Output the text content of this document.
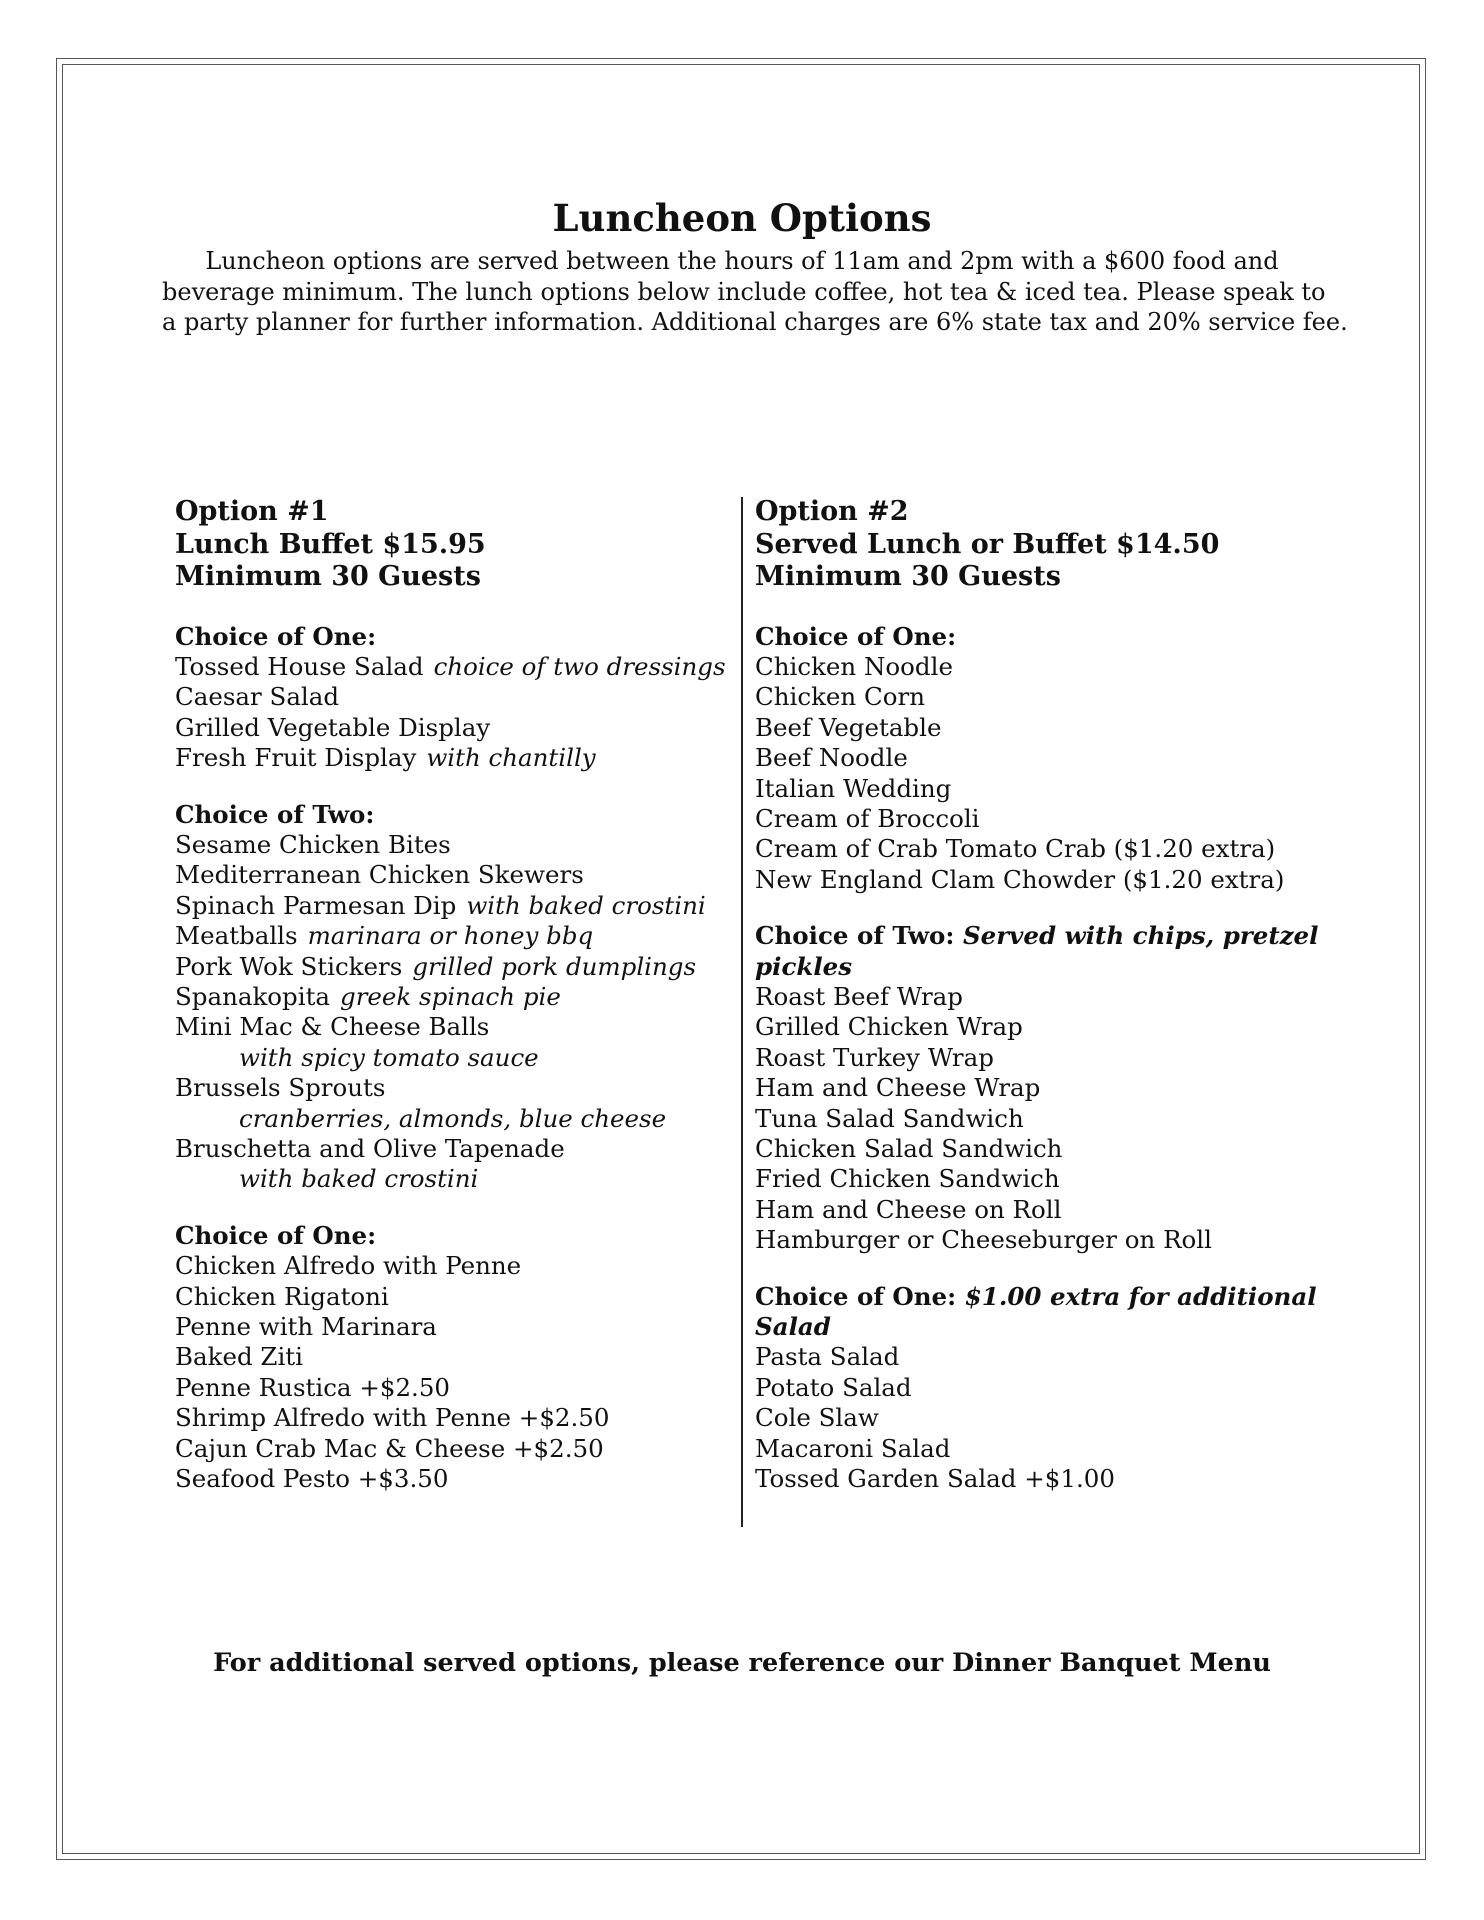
Luncheon Options
Luncheon options are served between the hours of 11am and 2pm with a $600 food and
beverage minimum. The lunch options below include coffee, hot tea & iced tea. Please speak to
a party planner for further information. Additional charges are 6% state tax and 20% service fee.
Option #1
Lunch Buffet $15.95
Minimum 30 Guests
Choice of One:
Tossed House Salad choice of two dressings
Caesar Salad
Grilled Vegetable Display
Fresh Fruit Display with chantilly
Choice of Two:
Sesame Chicken Bites
Mediterranean Chicken Skewers
Spinach Parmesan Dip with baked crostini
Meatballs marinara or honey bbq
Pork Wok Stickers grilled pork dumplings
Spanakopita greek spinach pie
Mini Mac & Cheese Balls
with spicy tomato sauce
Brussels Sprouts
cranberries, almonds, blue cheese
Bruschetta and Olive Tapenade
with baked crostini
Choice of One:
Chicken Alfredo with Penne
Chicken Rigatoni
Penne with Marinara
Baked Ziti
Penne Rustica +$2.50
Shrimp Alfredo with Penne +$2.50
Cajun Crab Mac & Cheese +$2.50
Seafood Pesto +$3.50
Option #2
Served Lunch or Buffet $14.50
Minimum 30 Guests
Choice of One:
Chicken Noodle
Chicken Corn
Beef Vegetable
Beef Noodle
Italian Wedding
Cream of Broccoli
Cream of Crab Tomato Crab ($1.20 extra)
New England Clam Chowder ($1.20 extra)
Choice of Two: Served with chips, pretzel pickles
Roast Beef Wrap
Grilled Chicken Wrap
Roast Turkey Wrap
Ham and Cheese Wrap
Tuna Salad Sandwich
Chicken Salad Sandwich
Fried Chicken Sandwich
Ham and Cheese on Roll
Hamburger or Cheeseburger on Roll
Choice of One: $1.00 extra for additional Salad
Pasta Salad
Potato Salad
Cole Slaw
Macaroni Salad
Tossed Garden Salad +$1.00
For additional served options, please reference our Dinner Banquet Menu
